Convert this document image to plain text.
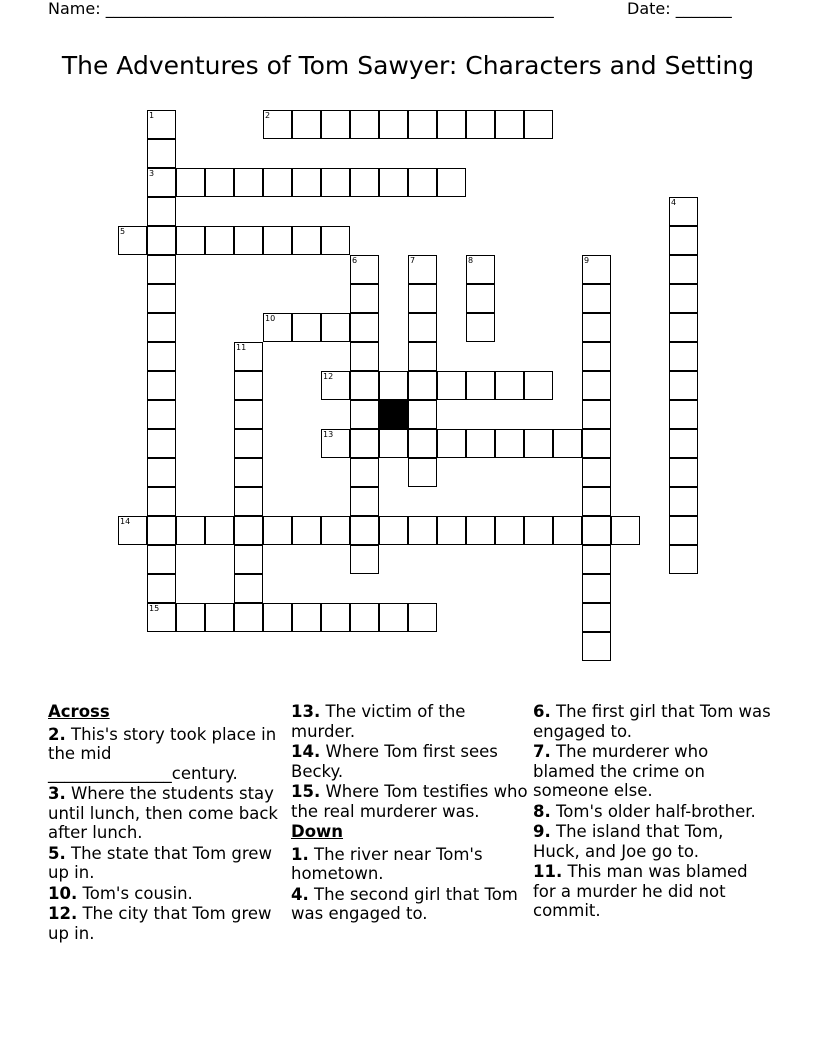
Name: ________________________________________________________	Date: _______
The Adventures of Tom Sawyer: Characters and Setting
1
3
2
4
5
6	7	8	9
10
11
12
13
14
15
Across
2. This's story took place in the mid _______________century.
3. Where the students stay until lunch, then come back after lunch.
5. The state that Tom grew up in.
10. Tom's cousin.
12. The city that Tom grew up in.
13. The victim of the murder.
14. Where Tom first sees Becky.
15. Where Tom testifies who the real murderer was.
Down
1. The river near Tom's hometown.
4. The second girl that Tom was engaged to.
6. The first girl that Tom was engaged to.
7. The murderer who blamed the crime on someone else.
8. Tom's older half-brother.
9. The island that Tom, Huck, and Joe go to.
11. This man was blamed for a murder he did not commit.
